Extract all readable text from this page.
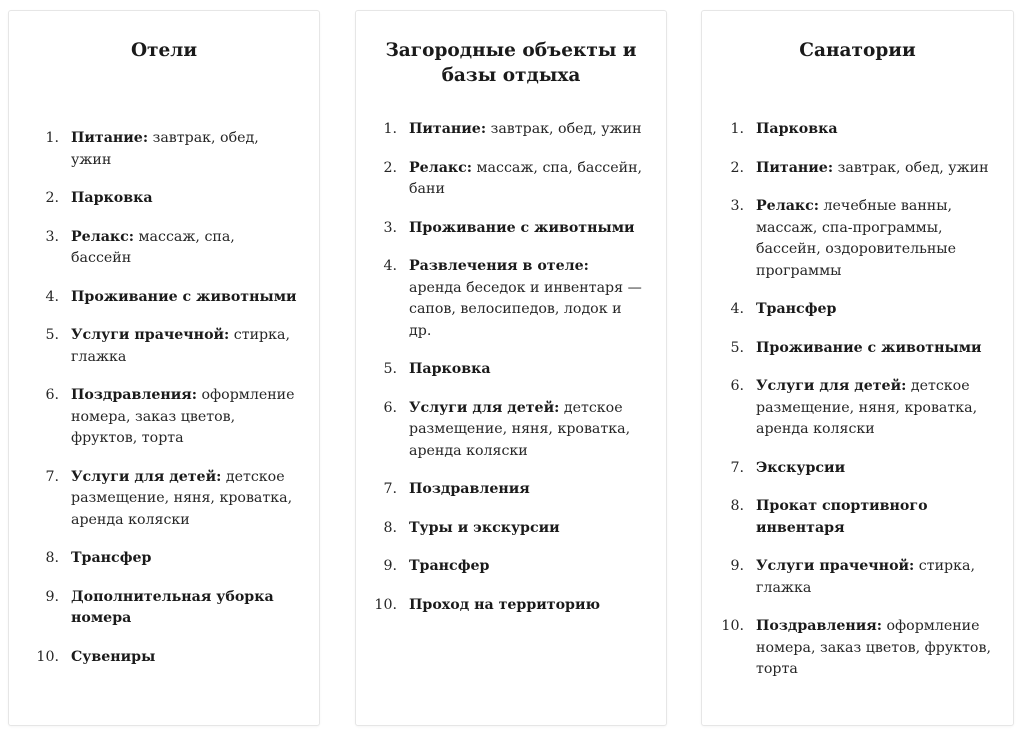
Отели
1. Питание: завтрак, обед, ужин
2. Парковка
3. Релакс: массаж, спа, бассейн
4. Проживание с животными
5. Услуги прачечной: стирка, глажка
6. Поздравления: оформление номера, заказ цветов, фруктов, торта
7. Услуги для детей: детское размещение, няня, кроватка, аренда коляски
8. Трансфер
9. Дополнительная уборка номера
10. Сувениры
Загородные объекты и базы отдыха
1. Питание: завтрак, обед, ужин
2. Релакс: массаж, спа, бассейн, бани
3. Проживание с животными
4. Развлечения в отеле: аренда беседок и инвентаря — сапов, велосипедов, лодок и др.
5. Парковка
6. Услуги для детей: детское размещение, няня, кроватка, аренда коляски
7. Поздравления
8. Туры и экскурсии
9. Трансфер
10. Проход на территорию
Санатории
1. Парковка
2. Питание: завтрак, обед, ужин
3. Релакс: лечебные ванны, массаж, спа-программы, бассейн, оздоровительные программы
4. Трансфер
5. Проживание с животными
6. Услуги для детей: детское размещение, няня, кроватка, аренда коляски
7. Экскурсии
8. Прокат спортивного инвентаря
9. Услуги прачечной: стирка, глажка
10. Поздравления: оформление номера, заказ цветов, фруктов, торта
